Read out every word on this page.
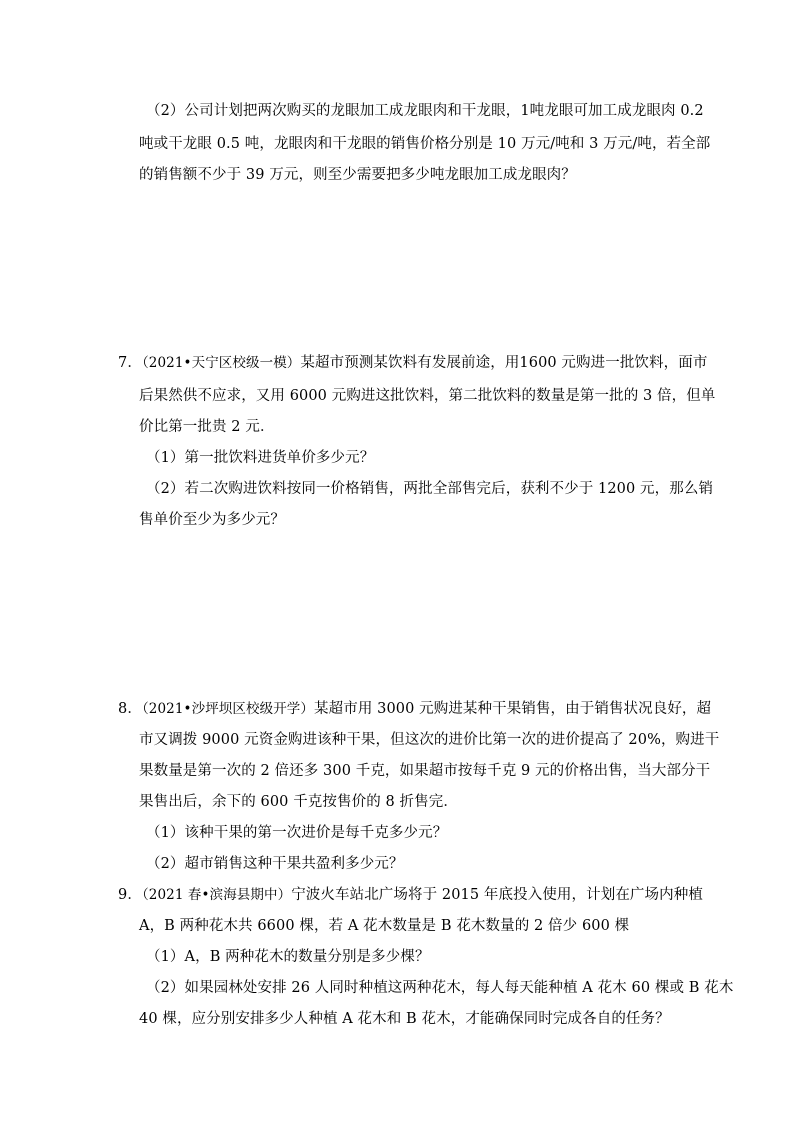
（2）公司计划把两次购买的龙眼加工成龙眼肉和干龙眼，1吨龙眼可加工成龙眼肉 0.2

吨或干龙眼 0.5 吨，龙眼肉和干龙眼的销售价格分别是 10 万元/吨和 3 万元/吨，若全部

的销售额不少于 39 万元，则至少需要把多少吨龙眼加工成龙眼肉？

7．（2021•天宁区校级一模）某超市预测某饮料有发展前途，用1600 元购进一批饮料，面市

后果然供不应求，又用 6000 元购进这批饮料，第二批饮料的数量是第一批的 3 倍，但单

价比第一批贵 2 元．

（1）第一批饮料进货单价多少元？

（2）若二次购进饮料按同一价格销售，两批全部售完后，获利不少于 1200 元，那么销

售单价至少为多少元？

8．（2021•沙坪坝区校级开学）某超市用 3000 元购进某种干果销售，由于销售状况良好，超

市又调拨 9000 元资金购进该种干果，但这次的进价比第一次的进价提高了 20%，购进干

果数量是第一次的 2 倍还多 300 千克，如果超市按每千克 9 元的价格出售，当大部分干

果售出后，余下的 600 千克按售价的 8 折售完．

（1）该种干果的第一次进价是每千克多少元？

（2）超市销售这种干果共盈利多少元？

9．（2021 春•滨海县期中）宁波火车站北广场将于 2015 年底投入使用，计划在广场内种植

A，B 两种花木共 6600 棵，若 A 花木数量是 B 花木数量的 2 倍少 600 棵

（1）A，B 两种花木的数量分别是多少棵？

（2）如果园林处安排 26 人同时种植这两种花木，每人每天能种植 A 花木 60 棵或 B 花木

40 棵，应分别安排多少人种植 A 花木和 B 花木，才能确保同时完成各自的任务？
